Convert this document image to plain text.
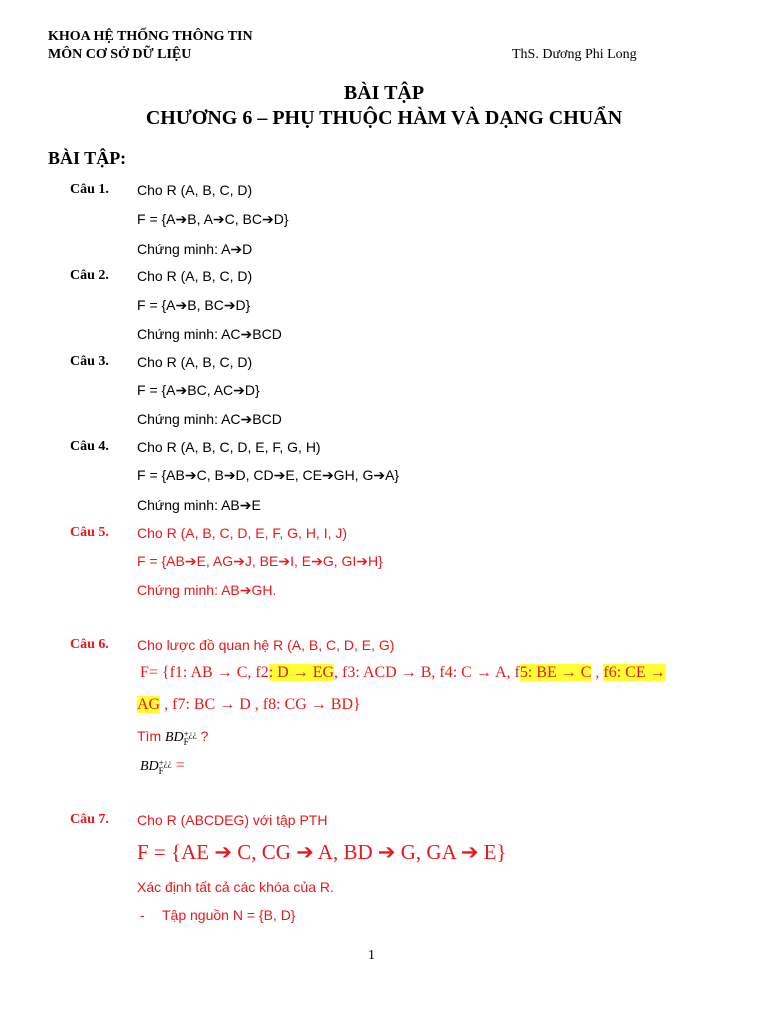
KHOA HỆ THỐNG THÔNG TIN
MÔN CƠ SỞ DỮ LIỆU	ThS. Dương Phi Long
BÀI TẬP
CHƯƠNG 6 – PHỤ THUỘC HÀM VÀ DẠNG CHUẨN
BÀI TẬP:
Câu 1. Cho R (A, B, C, D)
F = {A➔B, A➔C, BC➔D}
Chứng minh: A➔D
Câu 2. Cho R (A, B, C, D)
F = {A➔B, BC➔D}
Chứng minh: AC➔BCD
Câu 3. Cho R (A, B, C, D)
F = {A➔BC, AC➔D}
Chứng minh: AC➔BCD
Câu 4. Cho R (A, B, C, D, E, F, G, H)
F = {AB➔C, B➔D, CD➔E, CE➔GH, G➔A}
Chứng minh: AB➔E
Câu 5. Cho R (A, B, C, D, E, F, G, H, I, J)
F = {AB➔E, AG➔J, BE➔I, E➔G, GI➔H}
Chứng minh: AB➔GH.
Câu 6. Cho lược đồ quan hệ R (A, B, C, D, E, G)
F= {f1: AB → C, f2: D → EG, f3: ACD → B, f4: C → A, f5: BE → C , f6: CE →
AG , f7: BC → D , f8: CG → BD}
Tìm BD +¿¿
F ?
BD +¿¿
F =
Câu 7. Cho R (ABCDEG) với tập PTH
F = {AE ➔ C, CG ➔ A, BD ➔ G, GA ➔ E}
Xác định tất cả các khóa của R.
- Tập nguồn N = {B, D}
1
